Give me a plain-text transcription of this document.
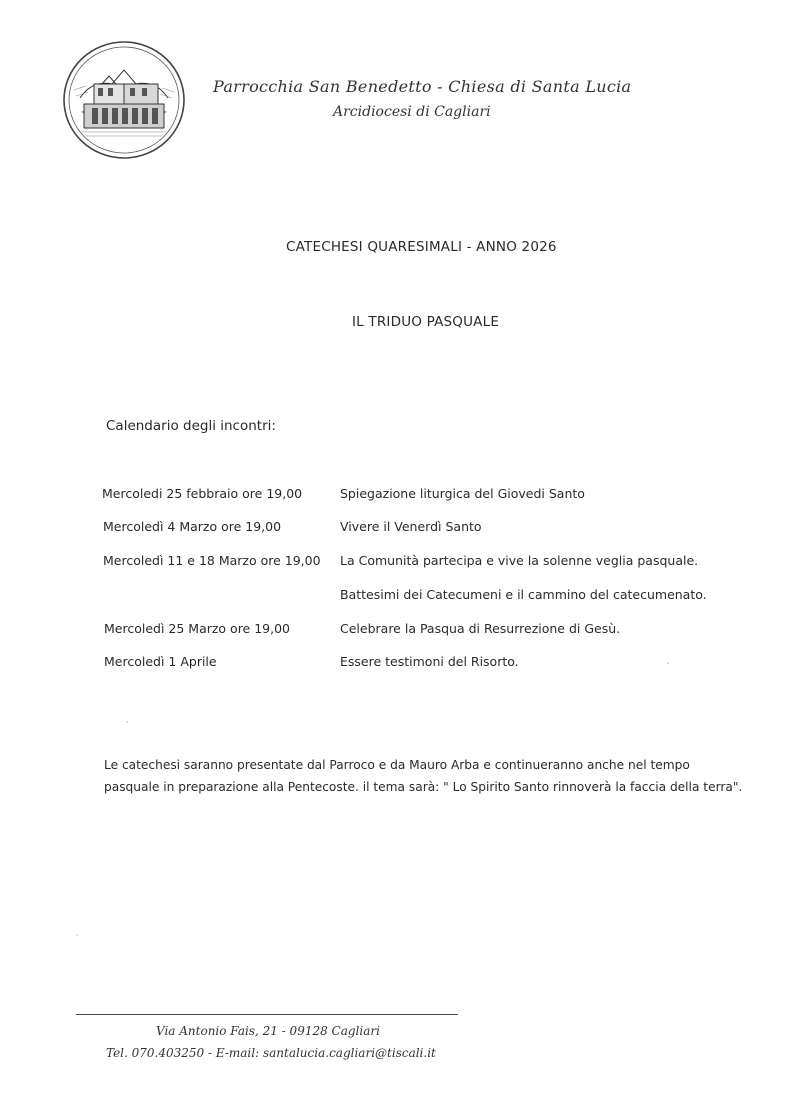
Parrocchia San Benedetto - Chiesa di Santa Lucia
Arcidiocesi di Cagliari
CATECHESI QUARESIMALI - ANNO 2026
IL TRIDUO PASQUALE
Calendario degli incontri:
Mercoledi 25 febbraio ore 19,00	Spiegazione liturgica del Giovedi Santo
Mercoledì 4 Marzo ore 19,00	Vivere il Venerdì Santo
Mercoledì 11 e 18 Marzo ore 19,00 La Comunità partecipa e vive la solenne veglia pasquale.
Battesimi dei Catecumeni e il cammino del catecumenato.
Mercoledì 25 Marzo ore 19,00	Celebrare la Pasqua di Resurrezione di Gesù.
Mercoledì 1 Aprile	Essere testimoni del Risorto.
Le catechesi saranno presentate dal Parroco e da Mauro Arba e continueranno anche nel tempo pasquale in preparazione alla Pentecoste. il tema sarà: " Lo Spirito Santo rinnoverà la faccia della terra".
Via Antonio Fais, 21 - 09128 Cagliari
Tel. 070.403250 - E-mail: santalucia.cagliari@tiscali.it
